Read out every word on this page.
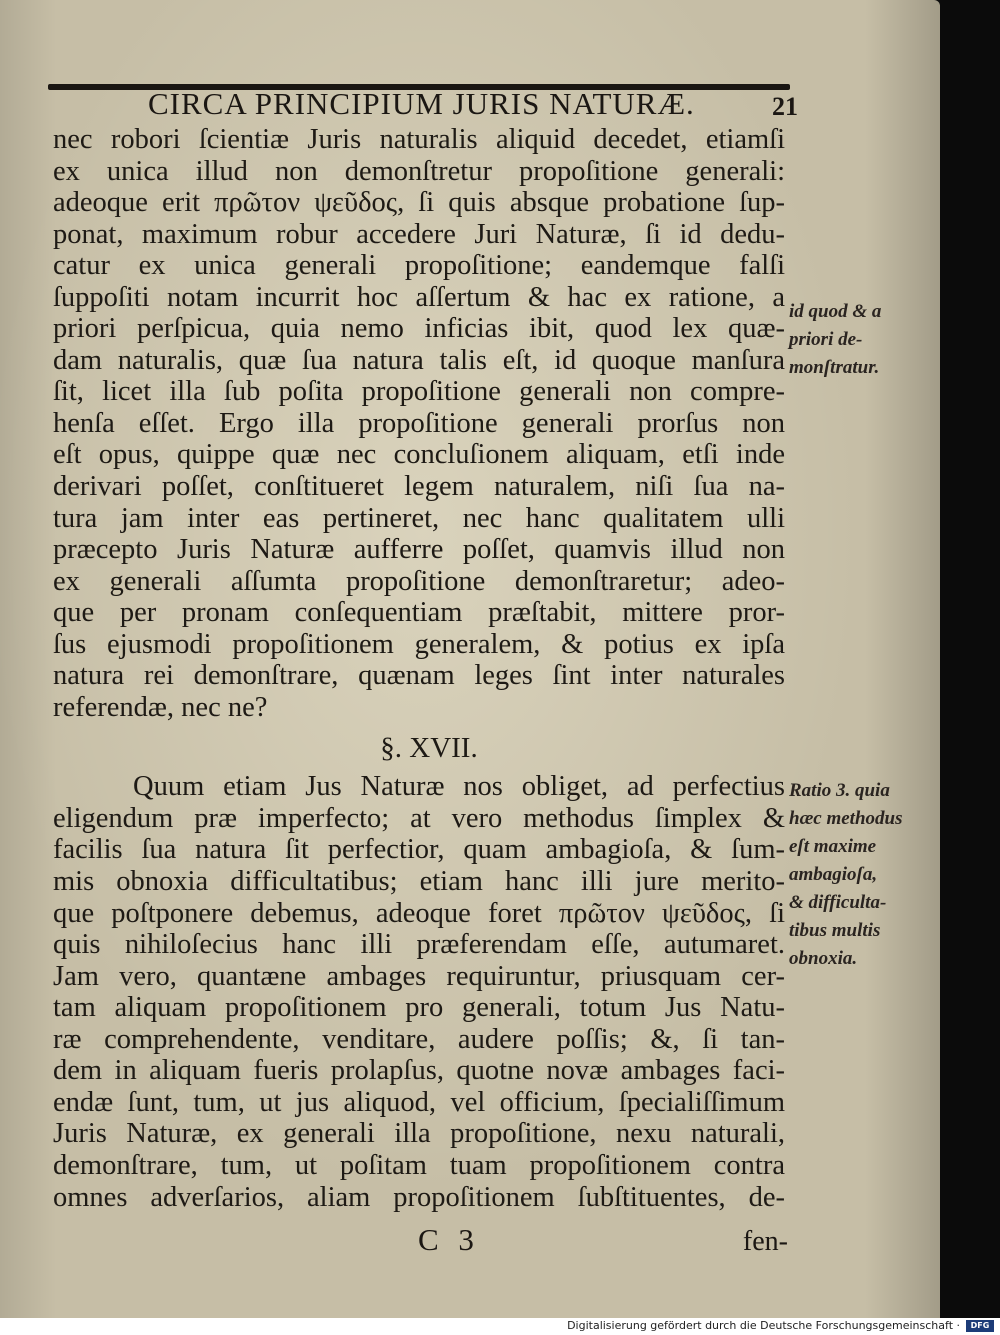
CIRCA PRINCIPIUM JURIS NATURÆ.	21
nec robori ſcientiæ Juris naturalis aliquid decedet, etiamſi
ex unica illud non demonſtretur propoſitione generali:
adeoque erit πρῶτον ψεῦδος, ſi quis absque probatione ſup-
ponat, maximum robur accedere Juri Naturæ, ſi id dedu-
catur ex unica generali propoſitione; eandemque falſi
ſuppoſiti notam incurrit hoc aſſertum & hac ex ratione, a
priori perſpicua, quia nemo inficias ibit, quod lex quæ-
dam naturalis, quæ ſua natura talis eſt, id quoque manſura
ſit, licet illa ſub poſita propoſitione generali non compre-
henſa eſſet. Ergo illa propoſitione generali prorſus non
eſt opus, quippe quæ nec concluſionem aliquam, etſi inde
derivari poſſet, conſtitueret legem naturalem, niſi ſua na-
tura jam inter eas pertineret, nec hanc qualitatem ulli
præcepto Juris Naturæ aufferre poſſet, quamvis illud non
ex generali aſſumta propoſitione demonſtraretur; adeo-
que per pronam conſequentiam præſtabit, mittere pror-
ſus ejusmodi propoſitionem generalem, & potius ex ipſa
natura rei demonſtrare, quænam leges ſint inter naturales
referendæ, nec ne?
§. XVII.
Quum etiam Jus Naturæ nos obliget, ad perfectius
eligendum præ imperfecto; at vero methodus ſimplex &
facilis ſua natura ſit perfectior, quam ambagioſa, & ſum-
mis obnoxia difficultatibus; etiam hanc illi jure merito-
que poſtponere debemus, adeoque foret πρῶτον ψεῦδος, ſi
quis nihiloſecius hanc illi præferendam eſſe, autumaret.
Jam vero, quantæne ambages requiruntur, priusquam cer-
tam aliquam propoſitionem pro generali, totum Jus Natu-
ræ comprehendente, venditare, audere poſſis; &, ſi tan-
dem in aliquam fueris prolapſus, quotne novæ ambages faci-
endæ ſunt, tum, ut jus aliquod, vel officium, ſpecialiſſimum
Juris Naturæ, ex generali illa propoſitione, nexu naturali,
demonſtrare, tum, ut poſitam tuam propoſitionem contra
omnes adverſarios, aliam propoſitionem ſubſtituentes, de-
id quod & a
priori de-
monſtratur.
Ratio 3. quia
hæc methodus
eſt maxime
ambagioſa,
& difficulta-
tibus multis
obnoxia.
C 3	fen-
Digitalisierung gefördert durch die Deutsche Forschungsgemeinschaft ·	DFG
